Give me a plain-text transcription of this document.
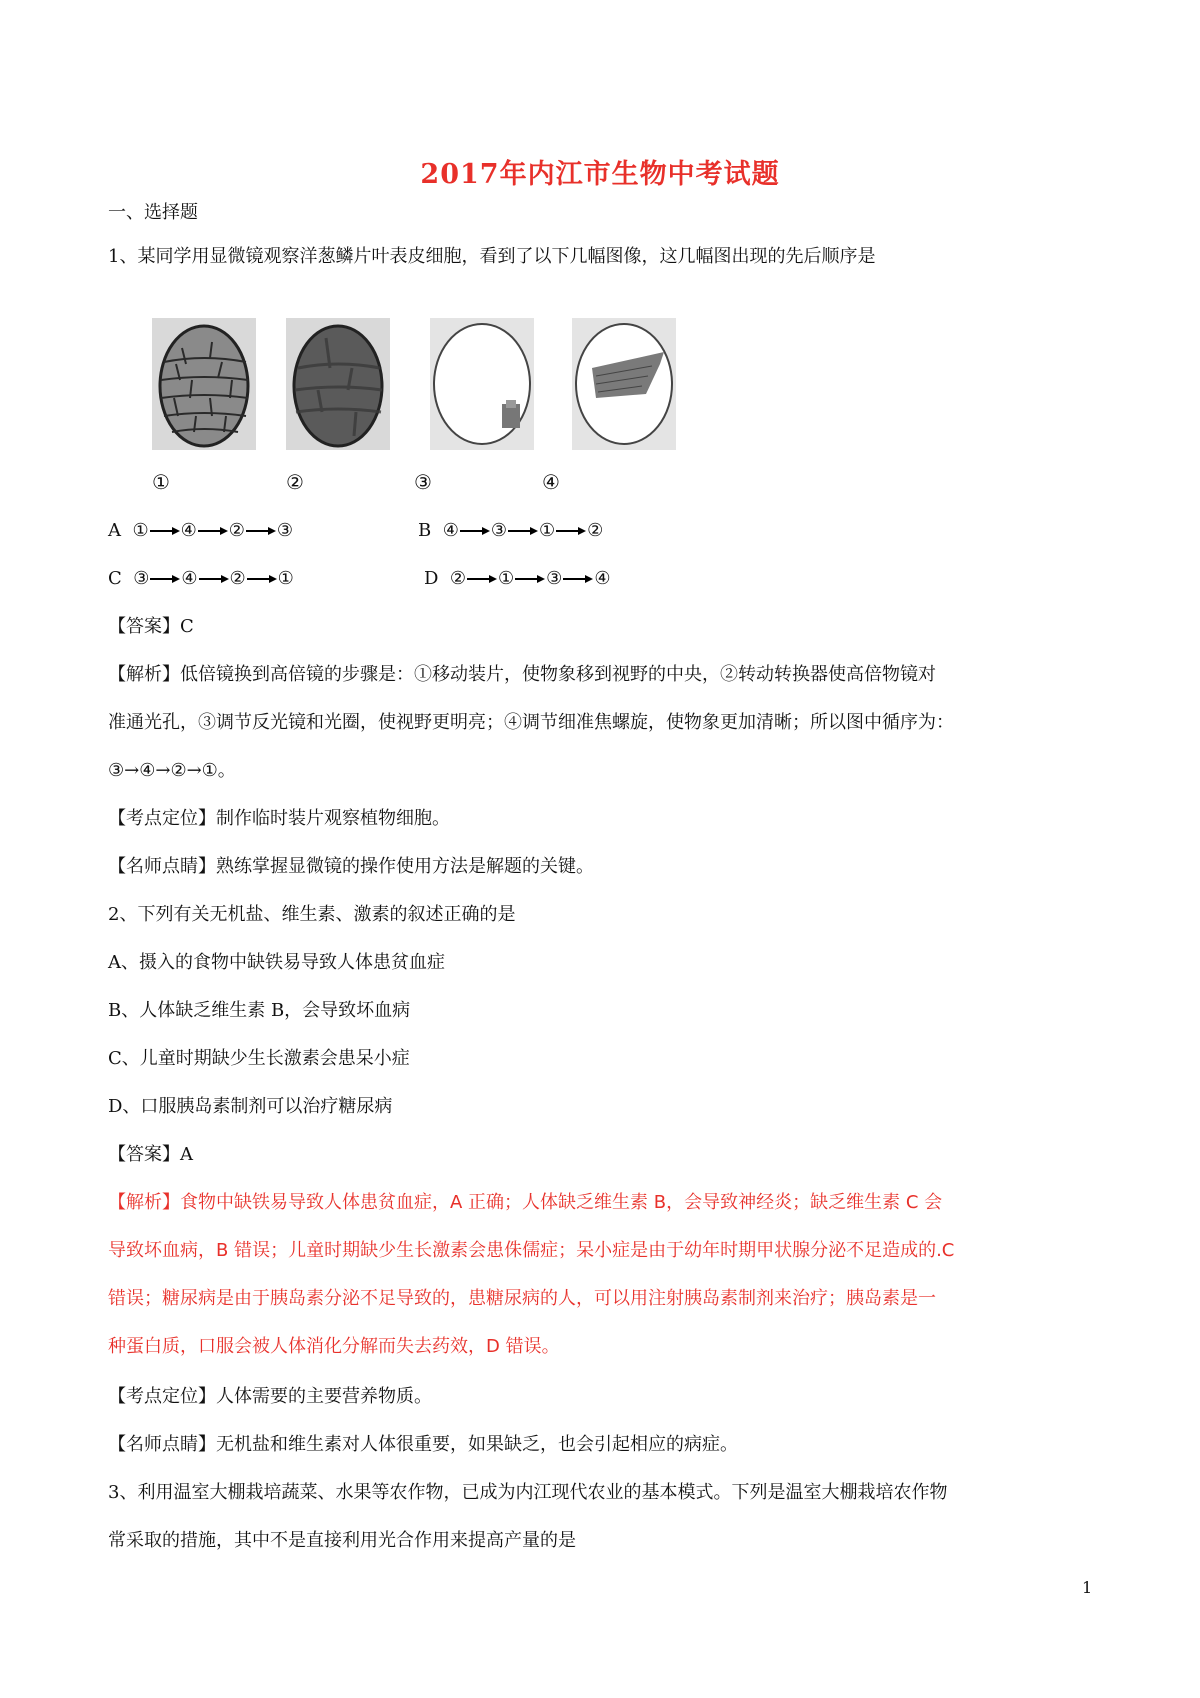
2017年内江市生物中考试题
一、选择题
1、某同学用显微镜观察洋葱鳞片叶表皮细胞，看到了以下几幅图像，这几幅图出现的先后顺序是
①	②	③	④
A ① ④ ② ③	B ④ ③ ① ②
C ③ ④ ② ①	D ② ① ③ ④
【答案】C
【解析】低倍镜换到高倍镜的步骤是：①移动装片，使物象移到视野的中央，②转动转换器使高倍物镜对
准通光孔，③调节反光镜和光圈，使视野更明亮；④调节细准焦螺旋，使物象更加清晰；所以图中循序为：
③→④→②→①。
【考点定位】制作临时装片观察植物细胞。
【名师点睛】熟练掌握显微镜的操作使用方法是解题的关键。
2、下列有关无机盐、维生素、激素的叙述正确的是
A、摄入的食物中缺铁易导致人体患贫血症
B、人体缺乏维生素 B，会导致坏血病
C、儿童时期缺少生长激素会患呆小症
D、口服胰岛素制剂可以治疗糖尿病
【答案】A
【解析】食物中缺铁易导致人体患贫血症，A 正确；人体缺乏维生素 B，会导致神经炎；缺乏维生素 C 会
导致坏血病，B 错误；儿童时期缺少生长激素会患侏儒症；呆小症是由于幼年时期甲状腺分泌不足造成的.C
错误；糖尿病是由于胰岛素分泌不足导致的，患糖尿病的人，可以用注射胰岛素制剂来治疗；胰岛素是一
种蛋白质，口服会被人体消化分解而失去药效，D 错误。
【考点定位】人体需要的主要营养物质。
【名师点睛】无机盐和维生素对人体很重要，如果缺乏，也会引起相应的病症。
3、利用温室大棚栽培蔬菜、水果等农作物，已成为内江现代农业的基本模式。下列是温室大棚栽培农作物
常采取的措施，其中不是直接利用光合作用来提高产量的是
1
